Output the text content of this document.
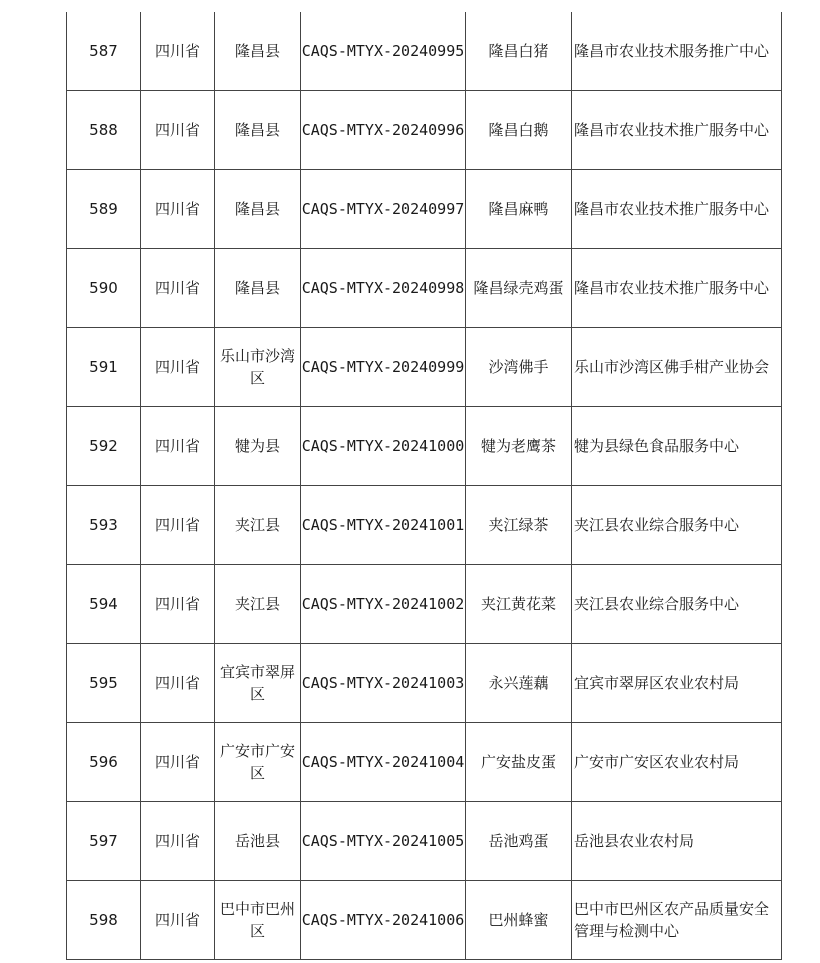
587	四川省	隆昌县	CAQS-MTYX-20240995	隆昌白猪	隆昌市农业技术服务推广中心
588	四川省	隆昌县	CAQS-MTYX-20240996	隆昌白鹅	隆昌市农业技术推广服务中心
589	四川省	隆昌县	CAQS-MTYX-20240997	隆昌麻鸭	隆昌市农业技术推广服务中心
590	四川省	隆昌县	CAQS-MTYX-20240998	隆昌绿壳鸡蛋	隆昌市农业技术推广服务中心
591	四川省	乐山市沙湾区	CAQS-MTYX-20240999	沙湾佛手	乐山市沙湾区佛手柑产业协会
592	四川省	犍为县	CAQS-MTYX-20241000	犍为老鹰茶	犍为县绿色食品服务中心
593	四川省	夹江县	CAQS-MTYX-20241001	夹江绿茶	夹江县农业综合服务中心
594	四川省	夹江县	CAQS-MTYX-20241002	夹江黄花菜	夹江县农业综合服务中心
595	四川省	宜宾市翠屏区	CAQS-MTYX-20241003	永兴莲藕	宜宾市翠屏区农业农村局
596	四川省	广安市广安区	CAQS-MTYX-20241004	广安盐皮蛋	广安市广安区农业农村局
597	四川省	岳池县	CAQS-MTYX-20241005	岳池鸡蛋	岳池县农业农村局
598	四川省	巴中市巴州区	CAQS-MTYX-20241006	巴州蜂蜜	巴中市巴州区农产品质量安全管理与检测中心
